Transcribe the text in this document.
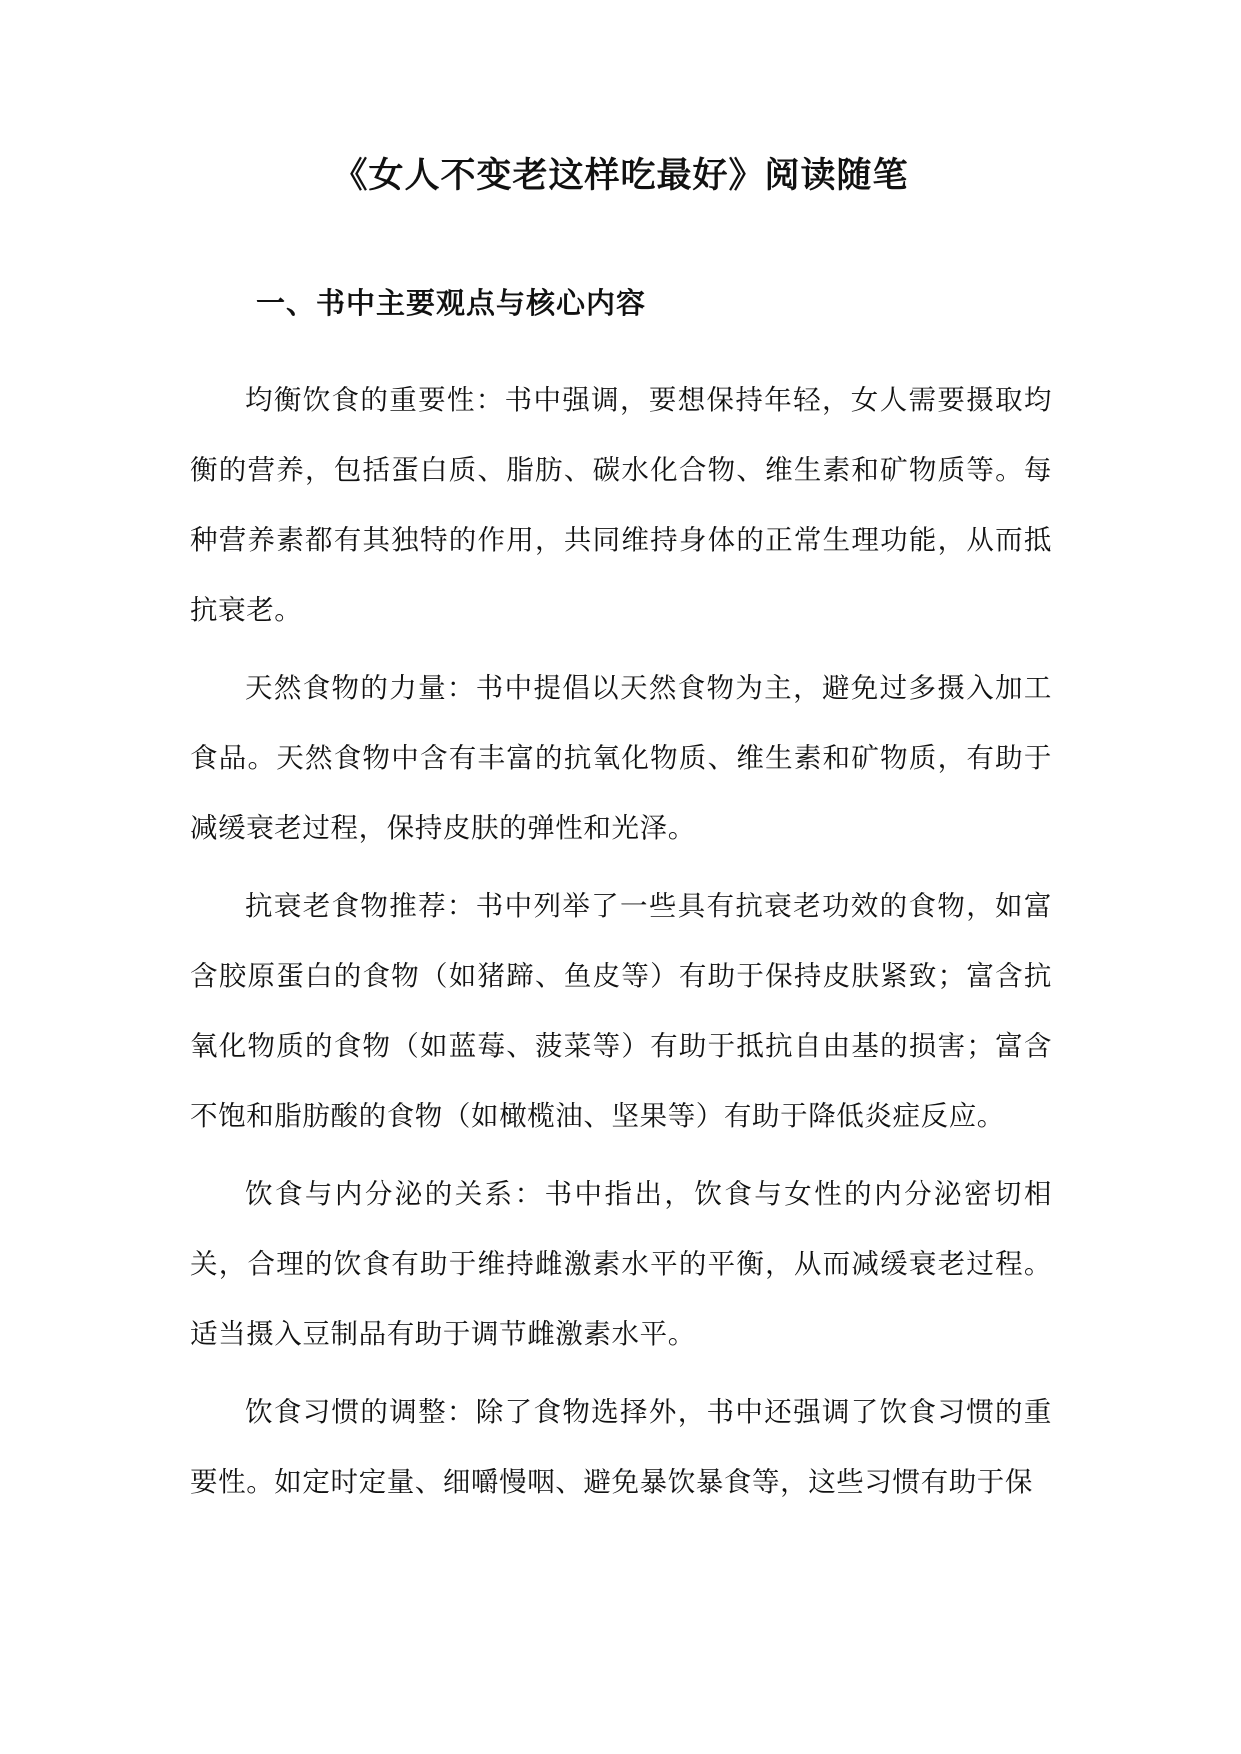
《女人不变老这样吃最好》阅读随笔
一、书中主要观点与核心内容

均衡饮食的重要性：书中强调，要想保持年轻，女人需要摄取均衡的营养，包括蛋白质、脂肪、碳水化合物、维生素和矿物质等。每种营养素都有其独特的作用，共同维持身体的正常生理功能，从而抵抗衰老。

天然食物的力量：书中提倡以天然食物为主，避免过多摄入加工食品。天然食物中含有丰富的抗氧化物质、维生素和矿物质，有助于减缓衰老过程，保持皮肤的弹性和光泽。

抗衰老食物推荐：书中列举了一些具有抗衰老功效的食物，如富含胶原蛋白的食物（如猪蹄、鱼皮等）有助于保持皮肤紧致；富含抗氧化物质的食物（如蓝莓、菠菜等）有助于抵抗自由基的损害；富含不饱和脂肪酸的食物（如橄榄油、坚果等）有助于降低炎症反应。

饮食与内分泌的关系：书中指出，饮食与女性的内分泌密切相关，合理的饮食有助于维持雌激素水平的平衡，从而减缓衰老过程。适当摄入豆制品有助于调节雌激素水平。

饮食习惯的调整：除了食物选择外，书中还强调了饮食习惯的重要性。如定时定量、细嚼慢咽、避免暴饮暴食等，这些习惯有助于保
